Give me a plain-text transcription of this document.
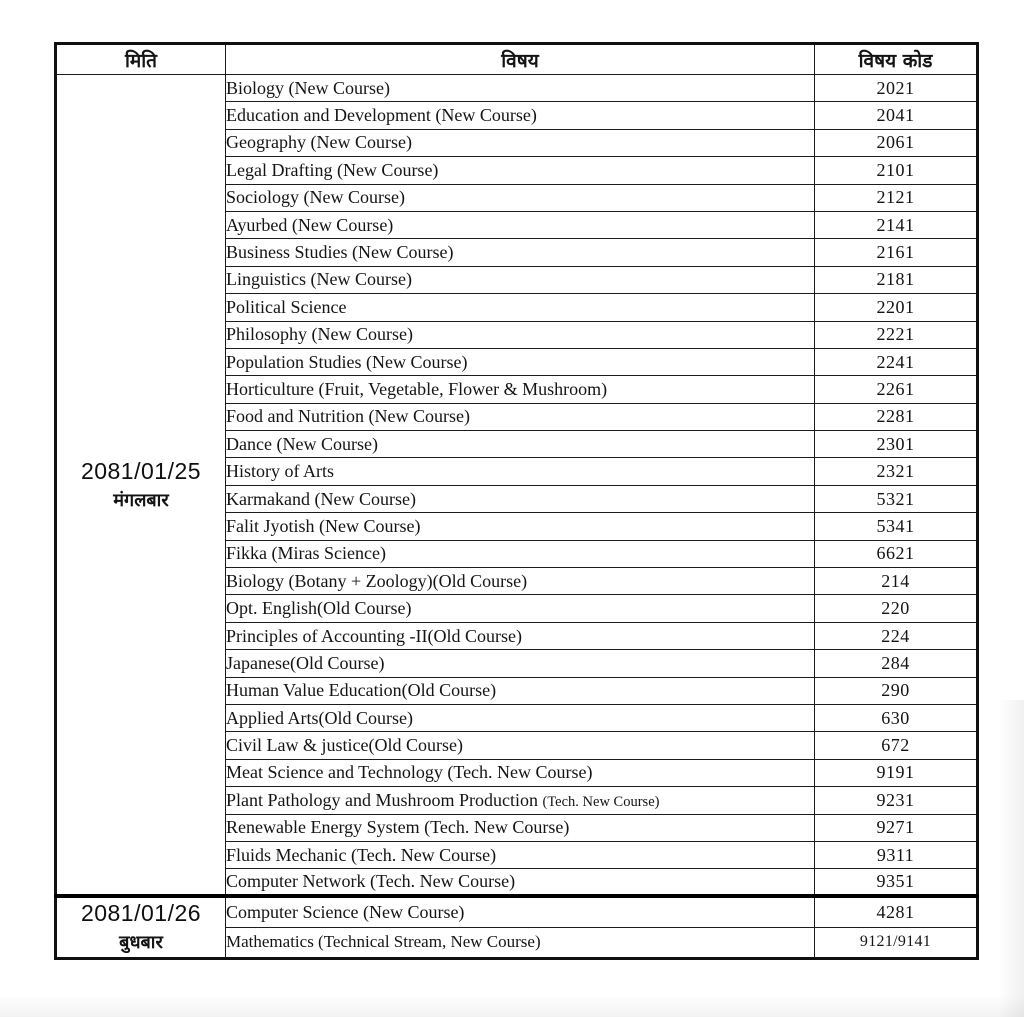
मिति	विषय	विषय कोड

2081/01/25
मंगलबार	Biology (New Course)	2021
	Education and Development (New Course)	2041
	Geography (New Course)	2061
	Legal Drafting (New Course)	2101
	Sociology (New Course)	2121
	Ayurbed (New Course)	2141
	Business Studies (New Course)	2161
	Linguistics (New Course)	2181
	Political Science	2201
	Philosophy (New Course)	2221
	Population Studies (New Course)	2241
	Horticulture (Fruit, Vegetable, Flower & Mushroom)	2261
	Food and Nutrition (New Course)	2281
	Dance (New Course)	2301
	History of Arts	2321
	Karmakand (New Course)	5321
	Falit Jyotish (New Course)	5341
	Fikka (Miras Science)	6621
	Biology (Botany + Zoology)(Old Course)	214
	Opt. English(Old Course)	220
	Principles of Accounting -II(Old Course)	224
	Japanese(Old Course)	284
	Human Value Education(Old Course)	290
	Applied Arts(Old Course)	630
	Civil Law & justice(Old Course)	672
	Meat Science and Technology (Tech. New Course)	9191
	Plant Pathology and Mushroom Production (Tech. New Course)	9231
	Renewable Energy System (Tech. New Course)	9271
	Fluids Mechanic (Tech. New Course)	9311
	Computer Network (Tech. New Course)	9351

2081/01/26
बुधबार	Computer Science (New Course)	4281
	Mathematics (Technical Stream, New Course)	9121/9141
